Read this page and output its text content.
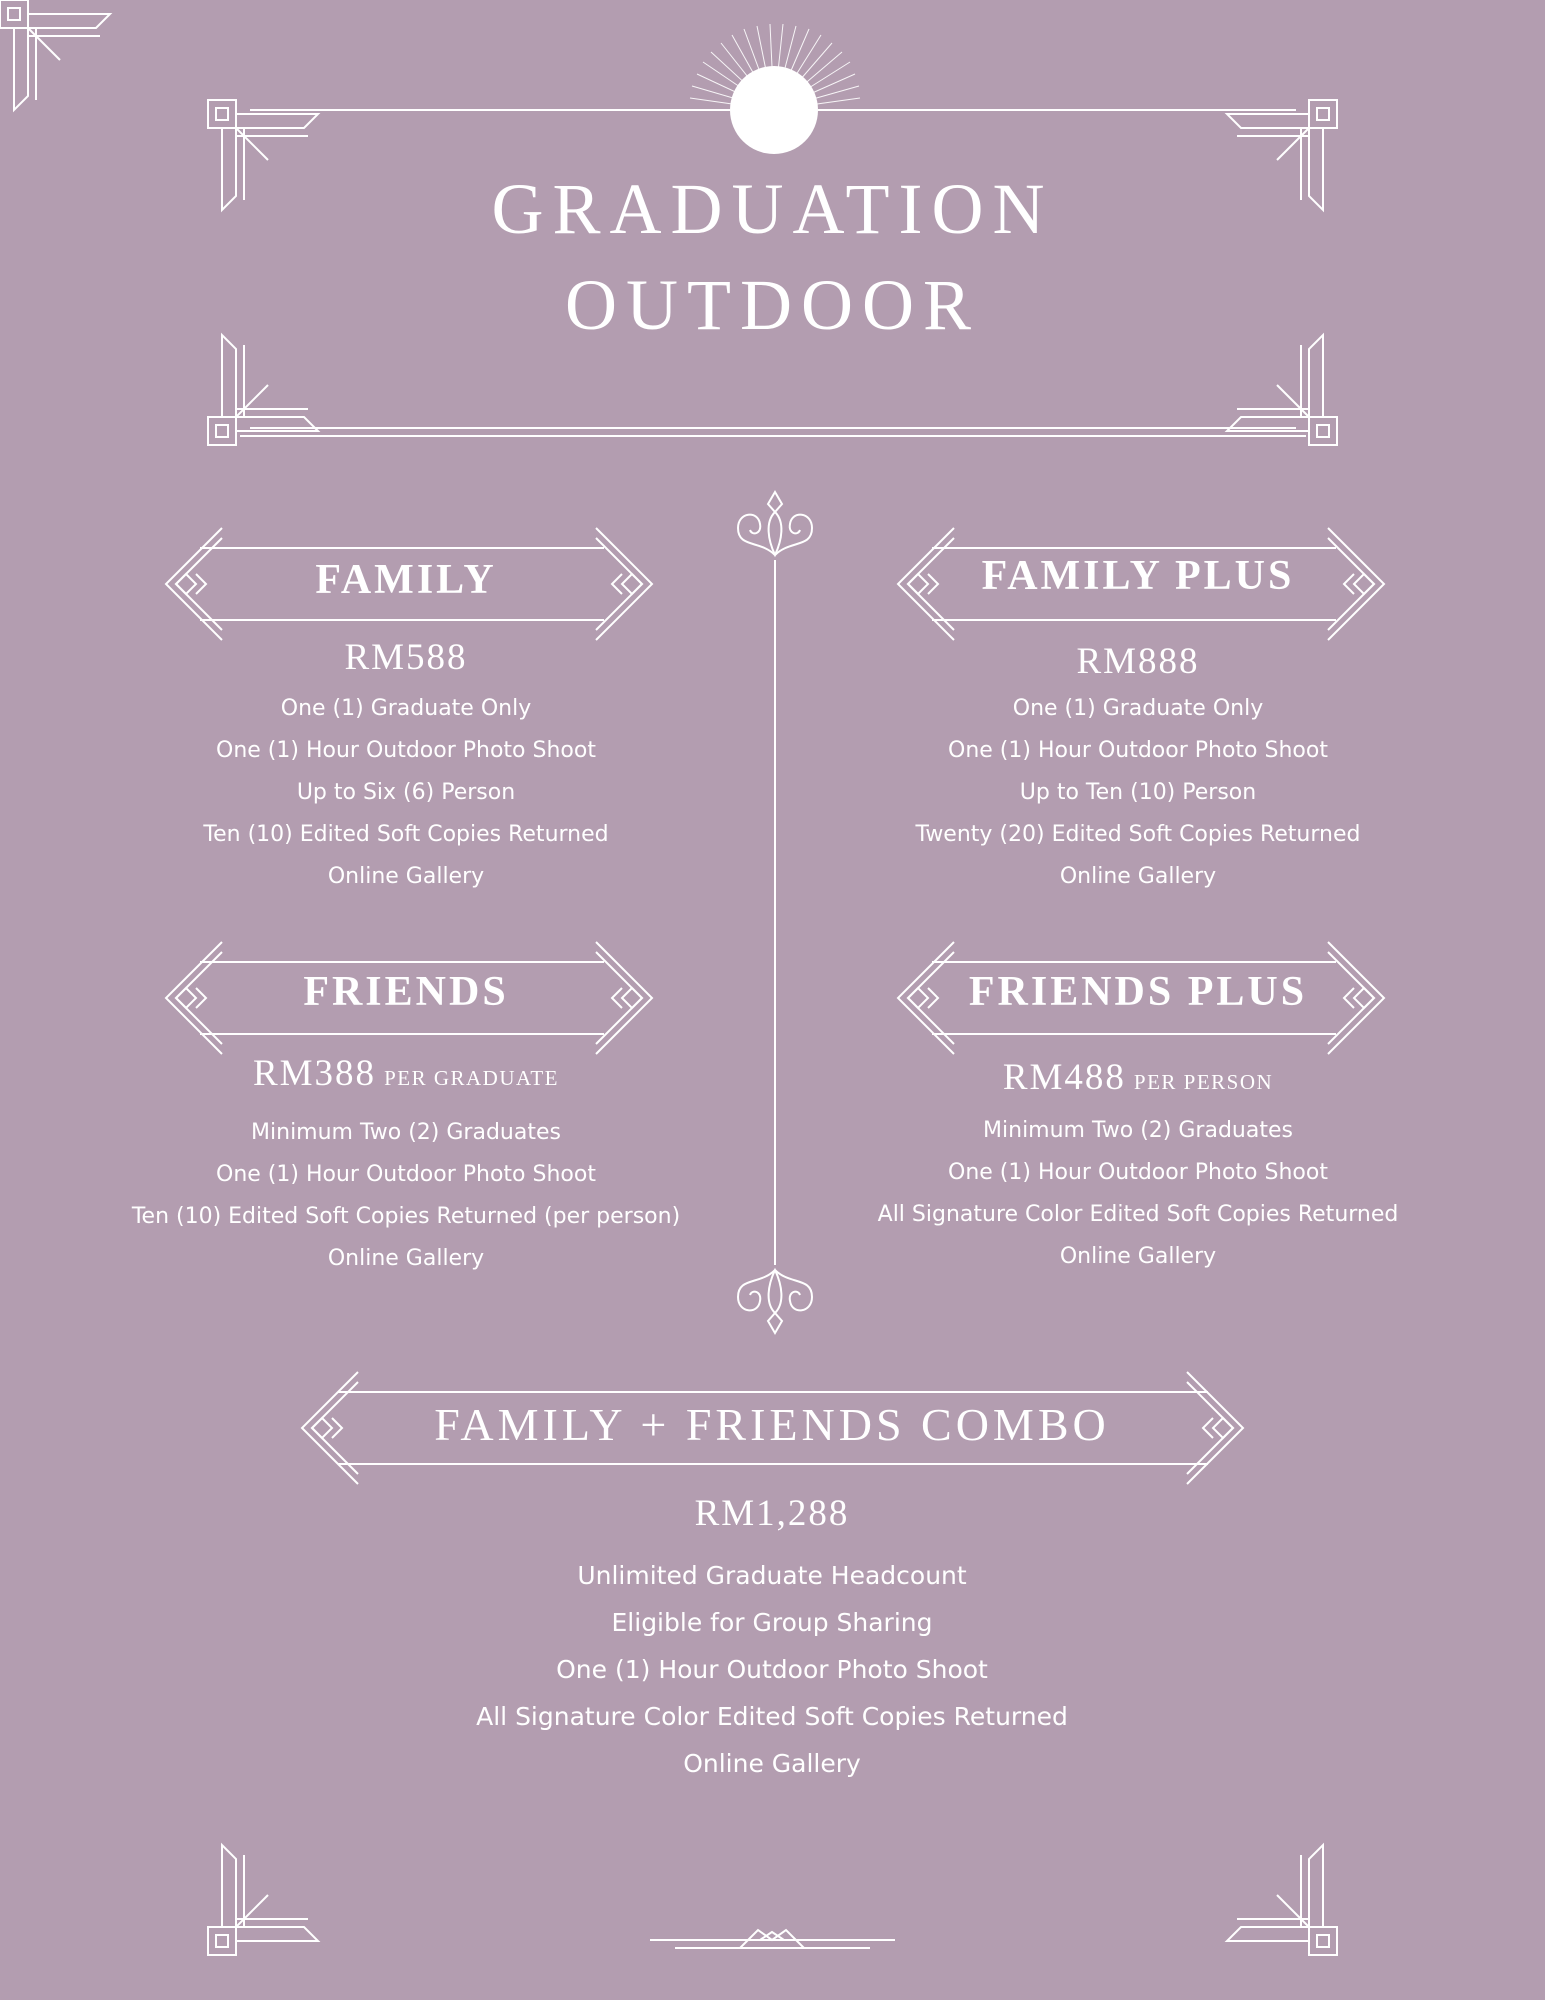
GRADUATION
OUTDOOR
FAMILY
RM588
One (1) Graduate Only
One (1) Hour Outdoor Photo Shoot
Up to Six (6) Person
Ten (10) Edited Soft Copies Returned
Online Gallery
FAMILY PLUS
RM888
One (1) Graduate Only
One (1) Hour Outdoor Photo Shoot
Up to Ten (10) Person
Twenty (20) Edited Soft Copies Returned
Online Gallery
FRIENDS
RM388 PER GRADUATE
Minimum Two (2) Graduates
One (1) Hour Outdoor Photo Shoot
Ten (10) Edited Soft Copies Returned (per person)
Online Gallery
FRIENDS PLUS
RM488 PER PERSON
Minimum Two (2) Graduates
One (1) Hour Outdoor Photo Shoot
All Signature Color Edited Soft Copies Returned
Online Gallery
FAMILY + FRIENDS COMBO
RM1,288
Unlimited Graduate Headcount
Eligible for Group Sharing
One (1) Hour Outdoor Photo Shoot
All Signature Color Edited Soft Copies Returned
Online Gallery
